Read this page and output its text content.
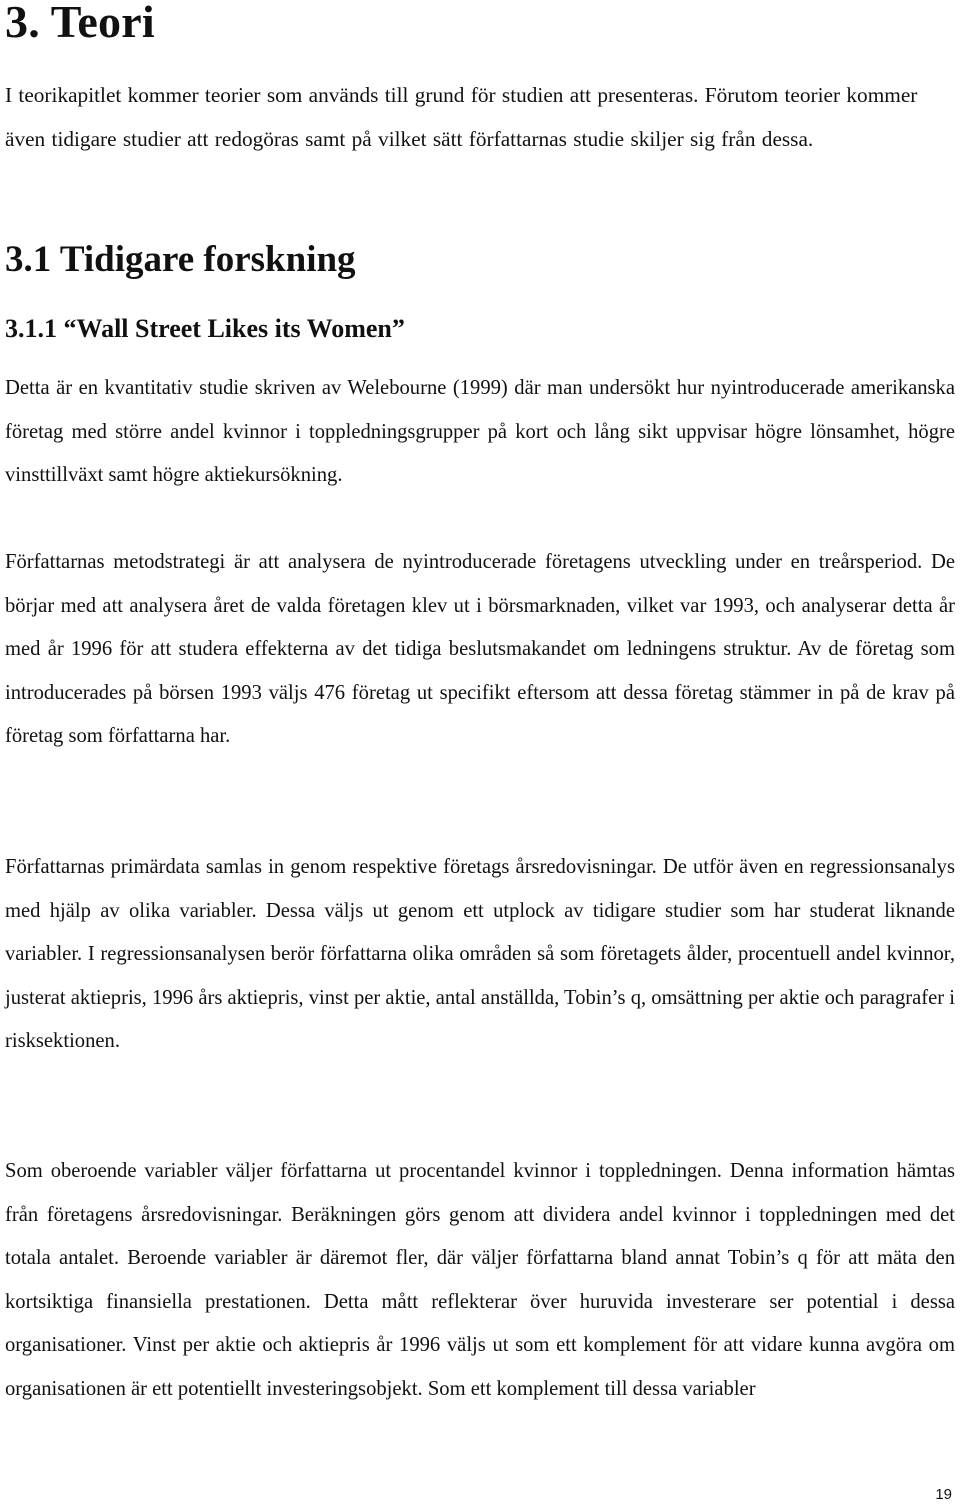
3. Teori

I teorikapitlet kommer teorier som används till grund för studien att presenteras. Förutom teorier kommer även tidigare studier att redogöras samt på vilket sätt författarnas studie skiljer sig från dessa.

3.1 Tidigare forskning
3.1.1 “Wall Street Likes its Women”

Detta är en kvantitativ studie skriven av Welebourne (1999) där man undersökt hur nyintroducerade amerikanska företag med större andel kvinnor i toppledningsgrupper på kort och lång sikt uppvisar högre lönsamhet, högre vinsttillväxt samt högre aktiekursökning.

Författarnas metodstrategi är att analysera de nyintroducerade företagens utveckling under en treårsperiod. De börjar med att analysera året de valda företagen klev ut i börsmarknaden, vilket var 1993, och analyserar detta år med år 1996 för att studera effekterna av det tidiga beslutsmakandet om ledningens struktur. Av de företag som introducerades på börsen 1993 väljs 476 företag ut specifikt eftersom att dessa företag stämmer in på de krav på företag som författarna har.

Författarnas primärdata samlas in genom respektive företags årsredovisningar. De utför även en regressionsanalys med hjälp av olika variabler. Dessa väljs ut genom ett utplock av tidigare studier som har studerat liknande variabler. I regressionsanalysen berör författarna olika områden så som företagets ålder, procentuell andel kvinnor, justerat aktiepris, 1996 års aktiepris, vinst per aktie, antal anställda, Tobin’s q, omsättning per aktie och paragrafer i risksektionen.

Som oberoende variabler väljer författarna ut procentandel kvinnor i toppledningen. Denna information hämtas från företagens årsredovisningar. Beräkningen görs genom att dividera andel kvinnor i toppledningen med det totala antalet. Beroende variabler är däremot fler, där väljer författarna bland annat Tobin’s q för att mäta den kortsiktiga finansiella prestationen. Detta mått reflekterar över huruvida investerare ser potential i dessa organisationer. Vinst per aktie och aktiepris år 1996 väljs ut som ett komplement för att vidare kunna avgöra om organisationen är ett potentiellt investeringsobjekt. Som ett komplement till dessa variabler

19
